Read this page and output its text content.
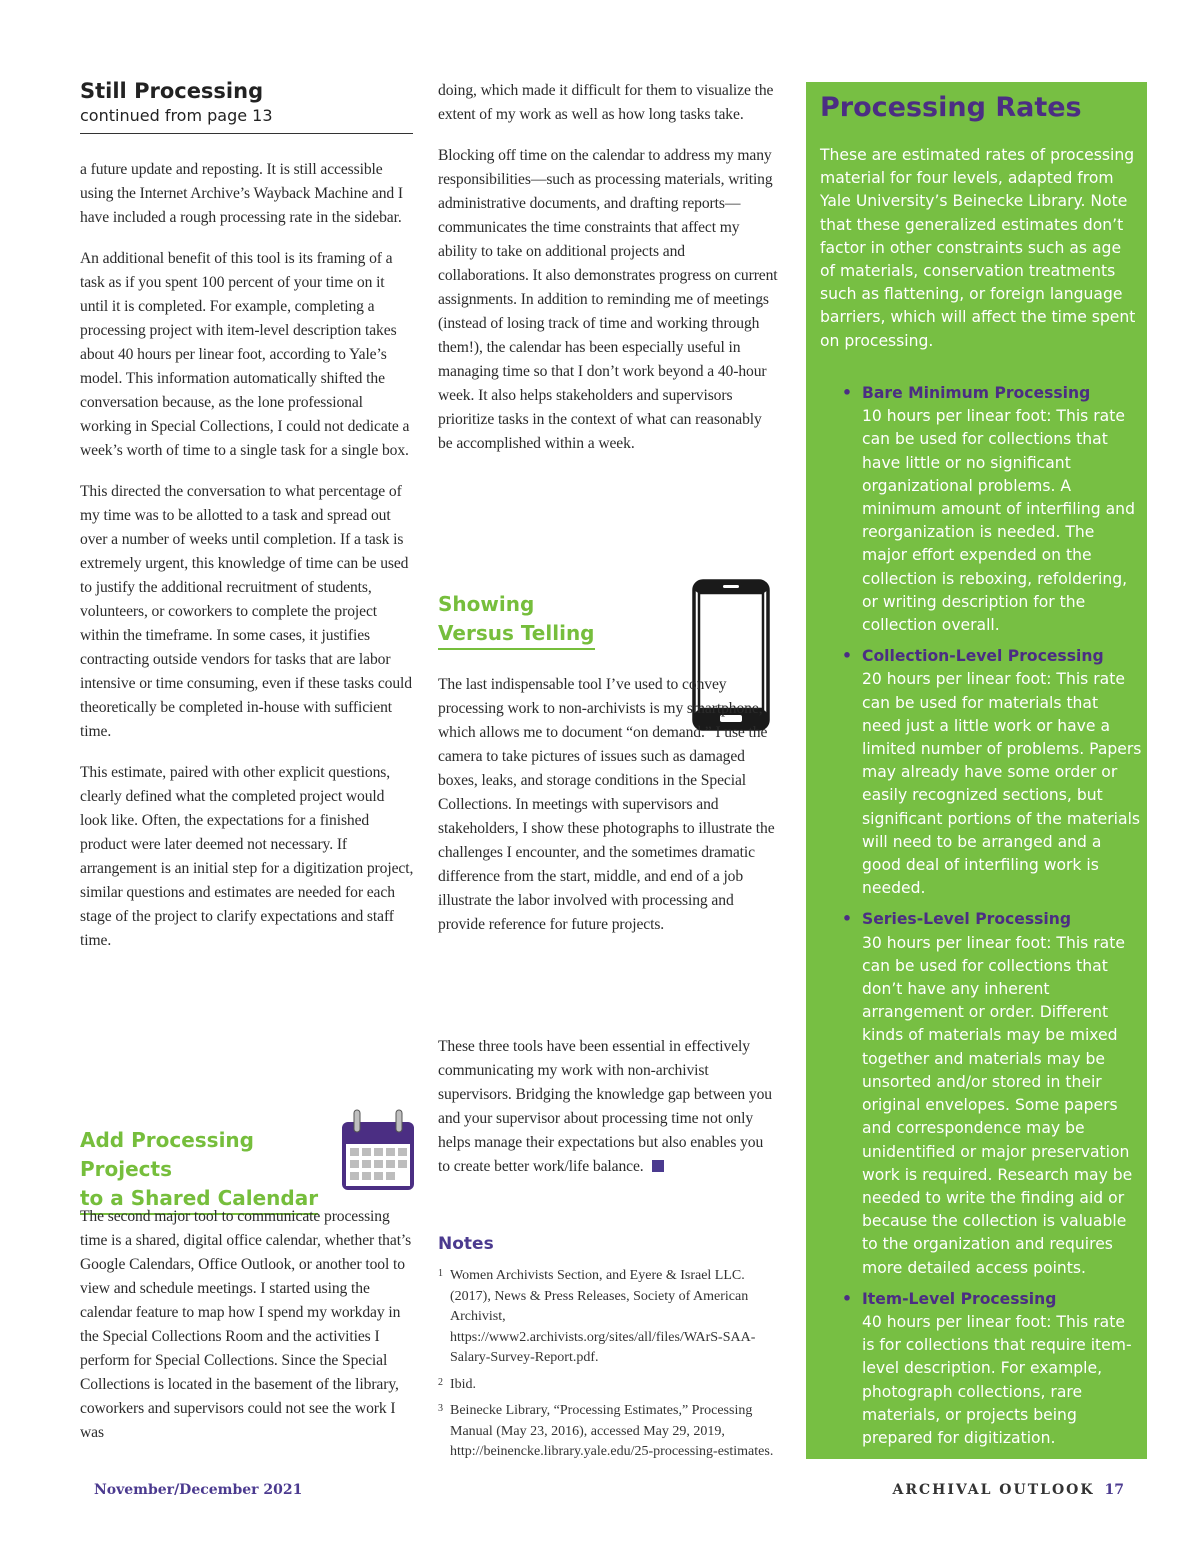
Still Processing
continued from page 13

a future update and reposting. It is still accessible using the Internet Archive’s Wayback Machine and I have included a rough processing rate in the sidebar.

An additional benefit of this tool is its framing of a task as if you spent 100 percent of your time on it until it is completed. For example, completing a processing project with item-level description takes about 40 hours per linear foot, according to Yale’s model. This information automatically shifted the conversation because, as the lone professional working in Special Collections, I could not dedicate a week’s worth of time to a single task for a single box.

This directed the conversation to what percentage of my time was to be allotted to a task and spread out over a number of weeks until completion. If a task is extremely urgent, this knowledge of time can be used to justify the additional recruitment of students, volunteers, or coworkers to complete the project within the timeframe. In some cases, it justifies contracting outside vendors for tasks that are labor intensive or time consuming, even if these tasks could theoretically be completed in-house with sufficient time.

This estimate, paired with other explicit questions, clearly defined what the completed project would look like. Often, the expectations for a finished product were later deemed not necessary. If arrangement is an initial step for a digitization project, similar questions and estimates are needed for each stage of the project to clarify expectations and staff time.

Add Processing Projects
to a Shared Calendar

The second major tool to communicate processing time is a shared, digital office calendar, whether that’s Google Calendars, Office Outlook, or another tool to view and schedule meetings. I started using the calendar feature to map how I spend my workday in the Special Collections Room and the activities I perform for Special Collections. Since the Special Collections is located in the basement of the library, coworkers and supervisors could not see the work I was

doing, which made it difficult for them to visualize the extent of my work as well as how long tasks take.

Blocking off time on the calendar to address my many responsibilities—such as processing materials, writing administrative documents, and drafting reports—communicates the time constraints that affect my ability to take on additional projects and collaborations. It also demonstrates progress on current assignments. In addition to reminding me of meetings (instead of losing track of time and working through them!), the calendar has been especially useful in managing time so that I don’t work beyond a 40-hour week. It also helps stakeholders and supervisors prioritize tasks in the context of what can reasonably be accomplished within a week.

Showing
Versus Telling

The last indispensable tool I’ve used to convey processing work to non-archivists is my smartphone, which allows me to document “on demand.” I use the camera to take pictures of issues such as damaged boxes, leaks, and storage conditions in the Special Collections. In meetings with supervisors and stakeholders, I show these photographs to illustrate the challenges I encounter, and the sometimes dramatic difference from the start, middle, and end of a job illustrate the labor involved with processing and provide reference for future projects.

These three tools have been essential in effectively communicating my work with non-archivist supervisors. Bridging the knowledge gap between you and your supervisor about processing time not only helps manage their expectations but also enables you to create better work/life balance.

Notes
1 Women Archivists Section, and Eyere & Israel LLC. (2017), News & Press Releases, Society of American Archivist, https://www2.archivists.org/sites/all/files/WArS-SAA-Salary-Survey-Report.pdf.
2 Ibid.
3 Beinecke Library, “Processing Estimates,” Processing Manual (May 23, 2016), accessed May 29, 2019, http://beinencke.library.yale.edu/25-processing-estimates.
Processing Rates
These are estimated rates of processing material for four levels, adapted from Yale University’s Beinecke Library. Note that these generalized estimates don’t factor in other constraints such as age of materials, conservation treatments such as flattening, or foreign language barriers, which will affect the time spent on processing.
• Bare Minimum Processing
10 hours per linear foot: This rate can be used for collections that have little or no significant organizational problems. A minimum amount of interfiling and reorganization is needed. The major effort expended on the collection is reboxing, refoldering, or writing description for the collection overall.
• Collection-Level Processing
20 hours per linear foot: This rate can be used for materials that need just a little work or have a limited number of problems. Papers may already have some order or easily recognized sections, but significant portions of the materials will need to be arranged and a good deal of interfiling work is needed.
• Series-Level Processing
30 hours per linear foot: This rate can be used for collections that don’t have any inherent arrangement or order. Different kinds of materials may be mixed together and materials may be unsorted and/or stored in their original envelopes. Some papers and correspondence may be unidentified or major preservation work is required. Research may be needed to write the finding aid or because the collection is valuable to the organization and requires more detailed access points.
• Item-Level Processing
40 hours per linear foot: This rate is for collections that require item-level description. For example, photograph collections, rare materials, or projects being prepared for digitization.
November/December 2021	ARCHIVAL OUTLOOK 17
